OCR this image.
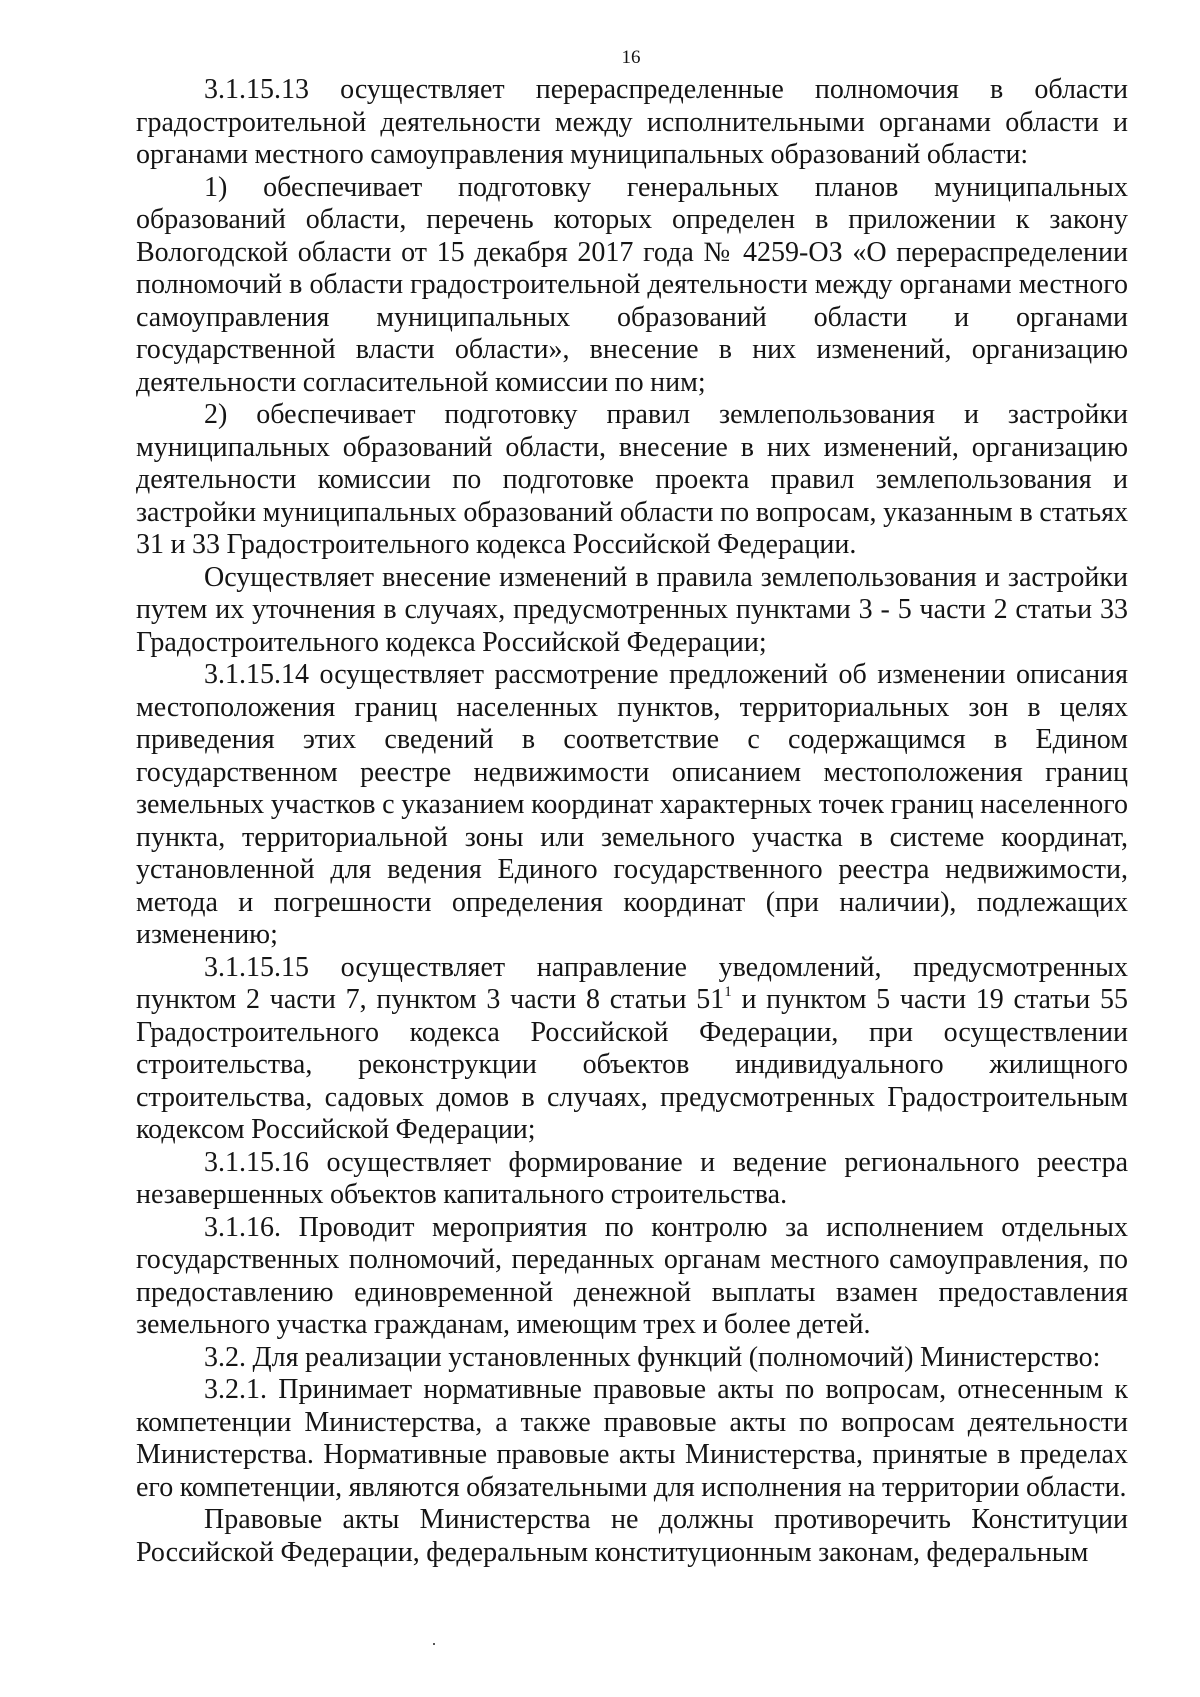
16

3.1.15.13 осуществляет перераспределенные полномочия в области градостроительной деятельности между исполнительными органами области и органами местного самоуправления муниципальных образований области:

1) обеспечивает подготовку генеральных планов муниципальных образований области, перечень которых определен в приложении к закону Вологодской области от 15 декабря 2017 года № 4259-ОЗ «О перераспределении полномочий в области градостроительной деятельности между органами местного самоуправления муниципальных образований области и органами государственной власти области», внесение в них изменений, организацию деятельности согласительной комиссии по ним;

2) обеспечивает подготовку правил землепользования и застройки муниципальных образований области, внесение в них изменений, организацию деятельности комиссии по подготовке проекта правил землепользования и застройки муниципальных образований области по вопросам, указанным в статьях 31 и 33 Градостроительного кодекса Российской Федерации.

Осуществляет внесение изменений в правила землепользования и застройки путем их уточнения в случаях, предусмотренных пунктами 3 - 5 части 2 статьи 33 Градостроительного кодекса Российской Федерации;

3.1.15.14 осуществляет рассмотрение предложений об изменении описания местоположения границ населенных пунктов, территориальных зон в целях приведения этих сведений в соответствие с содержащимся в Едином государственном реестре недвижимости описанием местоположения границ земельных участков с указанием координат характерных точек границ населенного пункта, территориальной зоны или земельного участка в системе координат, установленной для ведения Единого государственного реестра недвижимости, метода и погрешности определения координат (при наличии), подлежащих изменению;

3.1.15.15 осуществляет направление уведомлений, предусмотренных пунктом 2 части 7, пунктом 3 части 8 статьи $51^1$ и пунктом 5 части 19 статьи 55 Градостроительного кодекса Российской Федерации, при осуществлении строительства, реконструкции объектов индивидуального жилищного строительства, садовых домов в случаях, предусмотренных Градостроительным кодексом Российской Федерации;

3.1.15.16 осуществляет формирование и ведение регионального реестра незавершенных объектов капитального строительства.

3.1.16. Проводит мероприятия по контролю за исполнением отдельных государственных полномочий, переданных органам местного самоуправления, по предоставлению единовременной денежной выплаты взамен предоставления земельного участка гражданам, имеющим трех и более детей.

3.2. Для реализации установленных функций (полномочий) Министерство:

3.2.1. Принимает нормативные правовые акты по вопросам, отнесенным к компетенции Министерства, а также правовые акты по вопросам деятельности Министерства. Нормативные правовые акты Министерства, принятые в пределах его компетенции, являются обязательными для исполнения на территории области.

Правовые акты Министерства не должны противоречить Конституции Российской Федерации, федеральным конституционным законам, федеральным
